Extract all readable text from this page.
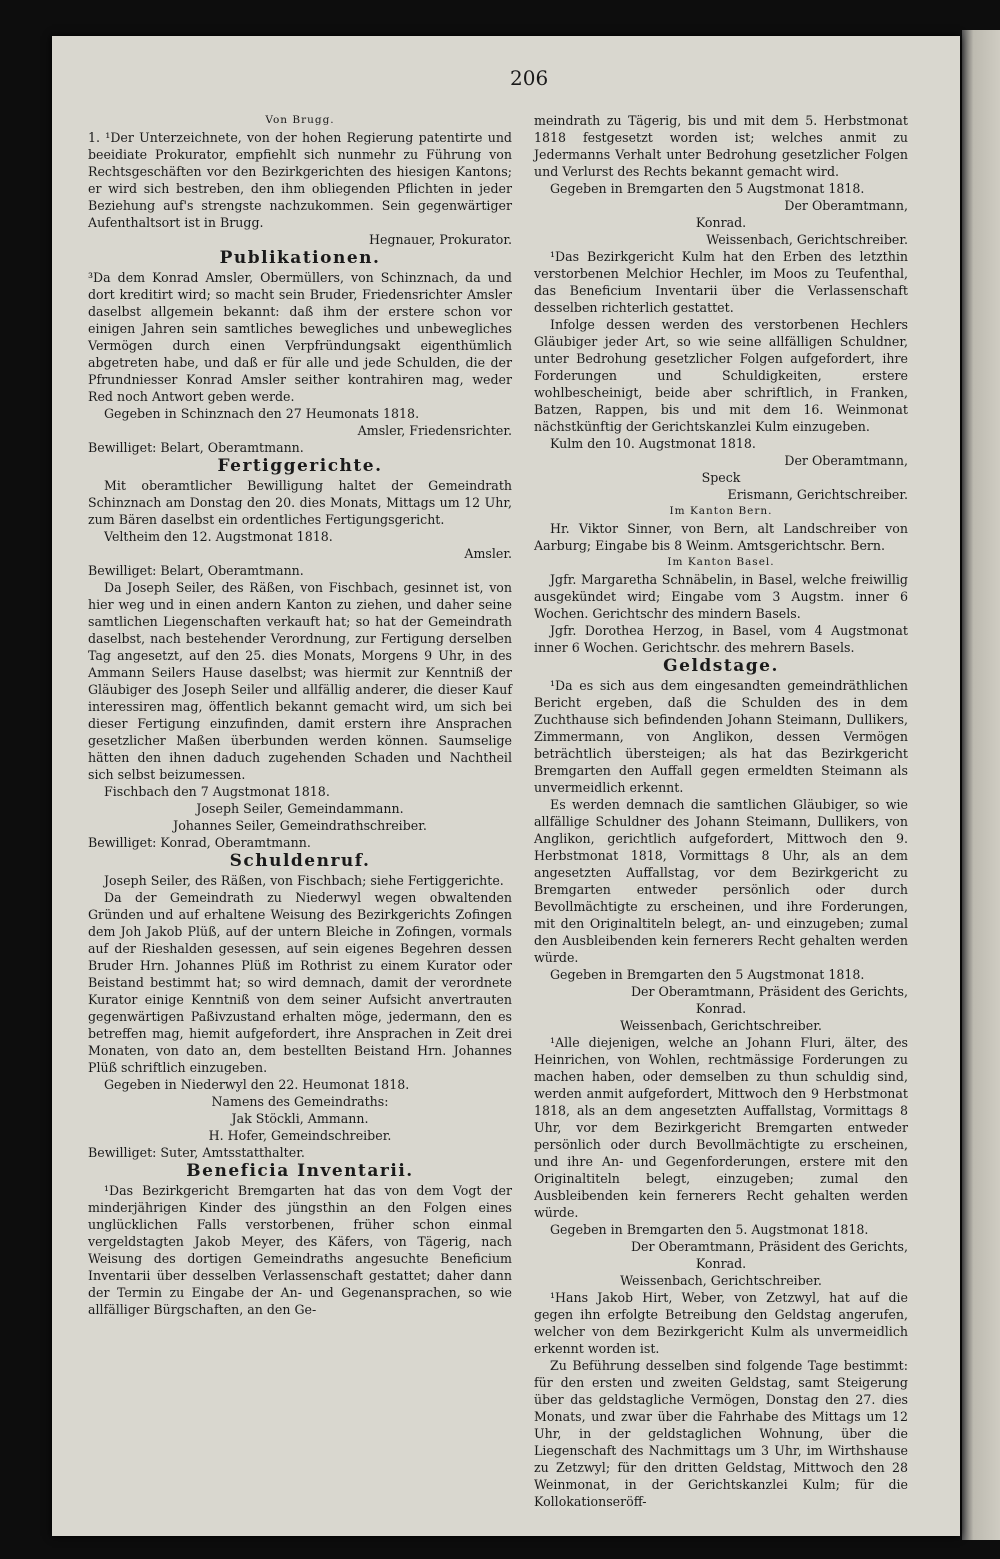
206

Von Brugg.

1. ¹Der Unterzeichnete, von der hohen Regierung patentirte und beeidiate Prokurator, empfiehlt sich nunmehr zu Führung von Rechtsgeschäften vor den Bezirkgerichten des hiesigen Kantons; er wird sich bestreben, den ihm obliegenden Pflichten in jeder Beziehung auf's strengste nachzukommen. Sein gegenwärtiger Aufenthaltsort ist in Brugg.

Hegnauer, Prokurator.

Publikationen.

³Da dem Konrad Amsler, Obermüllers, von Schinznach, da und dort kreditirt wird; so macht sein Bruder, Friedensrichter Amsler daselbst allgemein bekannt: daß ihm der erstere schon vor einigen Jahren sein samtliches bewegliches und unbewegliches Vermögen durch einen Verpfründungsakt eigenthümlich abgetreten habe, und daß er für alle und jede Schulden, die der Pfrundniesser Konrad Amsler seither kontrahiren mag, weder Red noch Antwort geben werde.

Gegeben in Schinznach den 27 Heumonats 1818.

Amsler, Friedensrichter.

Bewilliget: Belart, Oberamtmann.

Fertiggerichte.

Mit oberamtlicher Bewilligung haltet der Gemeindrath Schinznach am Donstag den 20. dies Monats, Mittags um 12 Uhr, zum Bären daselbst ein ordentliches Fertigungsgericht.

Veltheim den 12. Augstmonat 1818.

Amsler.

Bewilliget: Belart, Oberamtmann.

Da Joseph Seiler, des Räßen, von Fischbach, gesinnet ist, von hier weg und in einen andern Kanton zu ziehen, und daher seine samtlichen Liegenschaften verkauft hat; so hat der Gemeindrath daselbst, nach bestehender Verordnung, zur Fertigung derselben Tag angesetzt, auf den 25. dies Monats, Morgens 9 Uhr, in des Ammann Seilers Hause daselbst; was hiermit zur Kenntniß der Gläubiger des Joseph Seiler und allfällig anderer, die dieser Kauf interessiren mag, öffentlich bekannt gemacht wird, um sich bei dieser Fertigung einzufinden, damit erstern ihre Ansprachen gesetzlicher Maßen überbunden werden können. Saumselige hätten den ihnen daduch zugehenden Schaden und Nachtheil sich selbst beizumessen.

Fischbach den 7 Augstmonat 1818.

Joseph Seiler, Gemeindammann.

Johannes Seiler, Gemeindrathschreiber.

Bewilliget: Konrad, Oberamtmann.

Schuldenruf.

Joseph Seiler, des Räßen, von Fischbach; siehe Fertiggerichte.

Da der Gemeindrath zu Niederwyl wegen obwaltenden Gründen und auf erhaltene Weisung des Bezirkgerichts Zofingen dem Joh Jakob Plüß, auf der untern Bleiche in Zofingen, vormals auf der Rieshalden gesessen, auf sein eigenes Begehren dessen Bruder Hrn. Johannes Plüß im Rothrist zu einem Kurator oder Beistand bestimmt hat; so wird demnach, damit der verordnete Kurator einige Kenntniß von dem seiner Aufsicht anvertrauten gegenwärtigen Paßivzustand erhalten möge, jedermann, den es betreffen mag, hiemit aufgefordert, ihre Ansprachen in Zeit drei Monaten, von dato an, dem bestellten Beistand Hrn. Johannes Plüß schriftlich einzugeben.

Gegeben in Niederwyl den 22. Heumonat 1818.

Namens des Gemeindraths:

Jak Stöckli, Ammann.

H. Hofer, Gemeindschreiber.

Bewilliget: Suter, Amtsstatthalter.

Beneficia Inventarii.

¹Das Bezirkgericht Bremgarten hat das von dem Vogt der minderjährigen Kinder des jüngsthin an den Folgen eines unglücklichen Falls verstorbenen, früher schon einmal vergeldstagten Jakob Meyer, des Käfers, von Tägerig, nach Weisung des dortigen Gemeindraths angesuchte Beneficium Inventarii über desselben Verlassenschaft gestattet; daher dann der Termin zu Eingabe der An- und Gegenansprachen, so wie allfälliger Bürgschaften, an den Ge-

meindrath zu Tägerig, bis und mit dem 5. Herbstmonat 1818 festgesetzt worden ist; welches anmit zu Jedermanns Verhalt unter Bedrohung gesetzlicher Folgen und Verlurst des Rechts bekannt gemacht wird.

Gegeben in Bremgarten den 5 Augstmonat 1818.

Der Oberamtmann,

Konrad.

Weissenbach, Gerichtschreiber.

¹Das Bezirkgericht Kulm hat den Erben des letzthin verstorbenen Melchior Hechler, im Moos zu Teufenthal, das Beneficium Inventarii über die Verlassenschaft desselben richterlich gestattet.

Infolge dessen werden des verstorbenen Hechlers Gläubiger jeder Art, so wie seine allfälligen Schuldner, unter Bedrohung gesetzlicher Folgen aufgefordert, ihre Forderungen und Schuldigkeiten, erstere wohlbescheinigt, beide aber schriftlich, in Franken, Batzen, Rappen, bis und mit dem 16. Weinmonat nächstkünftig der Gerichtskanzlei Kulm einzugeben.

Kulm den 10. Augstmonat 1818.

Der Oberamtmann,

Speck

Erismann, Gerichtschreiber.

Im Kanton Bern.

Hr. Viktor Sinner, von Bern, alt Landschreiber von Aarburg; Eingabe bis 8 Weinm. Amtsgerichtschr. Bern.

Im Kanton Basel.

Jgfr. Margaretha Schnäbelin, in Basel, welche freiwillig ausgekündet wird; Eingabe vom 3 Augstm. inner 6 Wochen. Gerichtschr des mindern Basels.

Jgfr. Dorothea Herzog, in Basel, vom 4 Augstmonat inner 6 Wochen. Gerichtschr. des mehrern Basels.

Geldstage.

¹Da es sich aus dem eingesandten gemeindräthlichen Bericht ergeben, daß die Schulden des in dem Zuchthause sich befindenden Johann Steimann, Dullikers, Zimmermann, von Anglikon, dessen Vermögen beträchtlich übersteigen; als hat das Bezirkgericht Bremgarten den Auffall gegen ermeldten Steimann als unvermeidlich erkennt.

Es werden demnach die samtlichen Gläubiger, so wie allfällige Schuldner des Johann Steimann, Dullikers, von Anglikon, gerichtlich aufgefordert, Mittwoch den 9. Herbstmonat 1818, Vormittags 8 Uhr, als an dem angesetzten Auffallstag, vor dem Bezirkgericht zu Bremgarten entweder persönlich oder durch Bevollmächtigte zu erscheinen, und ihre Forderungen, mit den Originaltiteln belegt, an- und einzugeben; zumal den Ausbleibenden kein fernerers Recht gehalten werden würde.

Gegeben in Bremgarten den 5 Augstmonat 1818.

Der Oberamtmann, Präsident des Gerichts,

Konrad.

Weissenbach, Gerichtschreiber.

¹Alle diejenigen, welche an Johann Fluri, älter, des Heinrichen, von Wohlen, rechtmässige Forderungen zu machen haben, oder demselben zu thun schuldig sind, werden anmit aufgefordert, Mittwoch den 9 Herbstmonat 1818, als an dem angesetzten Auffallstag, Vormittags 8 Uhr, vor dem Bezirkgericht Bremgarten entweder persönlich oder durch Bevollmächtigte zu erscheinen, und ihre An- und Gegenforderungen, erstere mit den Originaltiteln belegt, einzugeben; zumal den Ausbleibenden kein fernerers Recht gehalten werden würde.

Gegeben in Bremgarten den 5. Augstmonat 1818.

Der Oberamtmann, Präsident des Gerichts,

Konrad.

Weissenbach, Gerichtschreiber.

¹Hans Jakob Hirt, Weber, von Zetzwyl, hat auf die gegen ihn erfolgte Betreibung den Geldstag angerufen, welcher von dem Bezirkgericht Kulm als unvermeidlich erkennt worden ist.

Zu Beführung desselben sind folgende Tage bestimmt: für den ersten und zweiten Geldstag, samt Steigerung über das geldstagliche Vermögen, Donstag den 27. dies Monats, und zwar über die Fahrhabe des Mittags um 12 Uhr, in der geldstaglichen Wohnung, über die Liegenschaft des Nachmittags um 3 Uhr, im Wirthshause zu Zetzwyl; für den dritten Geldstag, Mittwoch den 28 Weinmonat, in der Gerichtskanzlei Kulm; für die Kollokationseröff-
